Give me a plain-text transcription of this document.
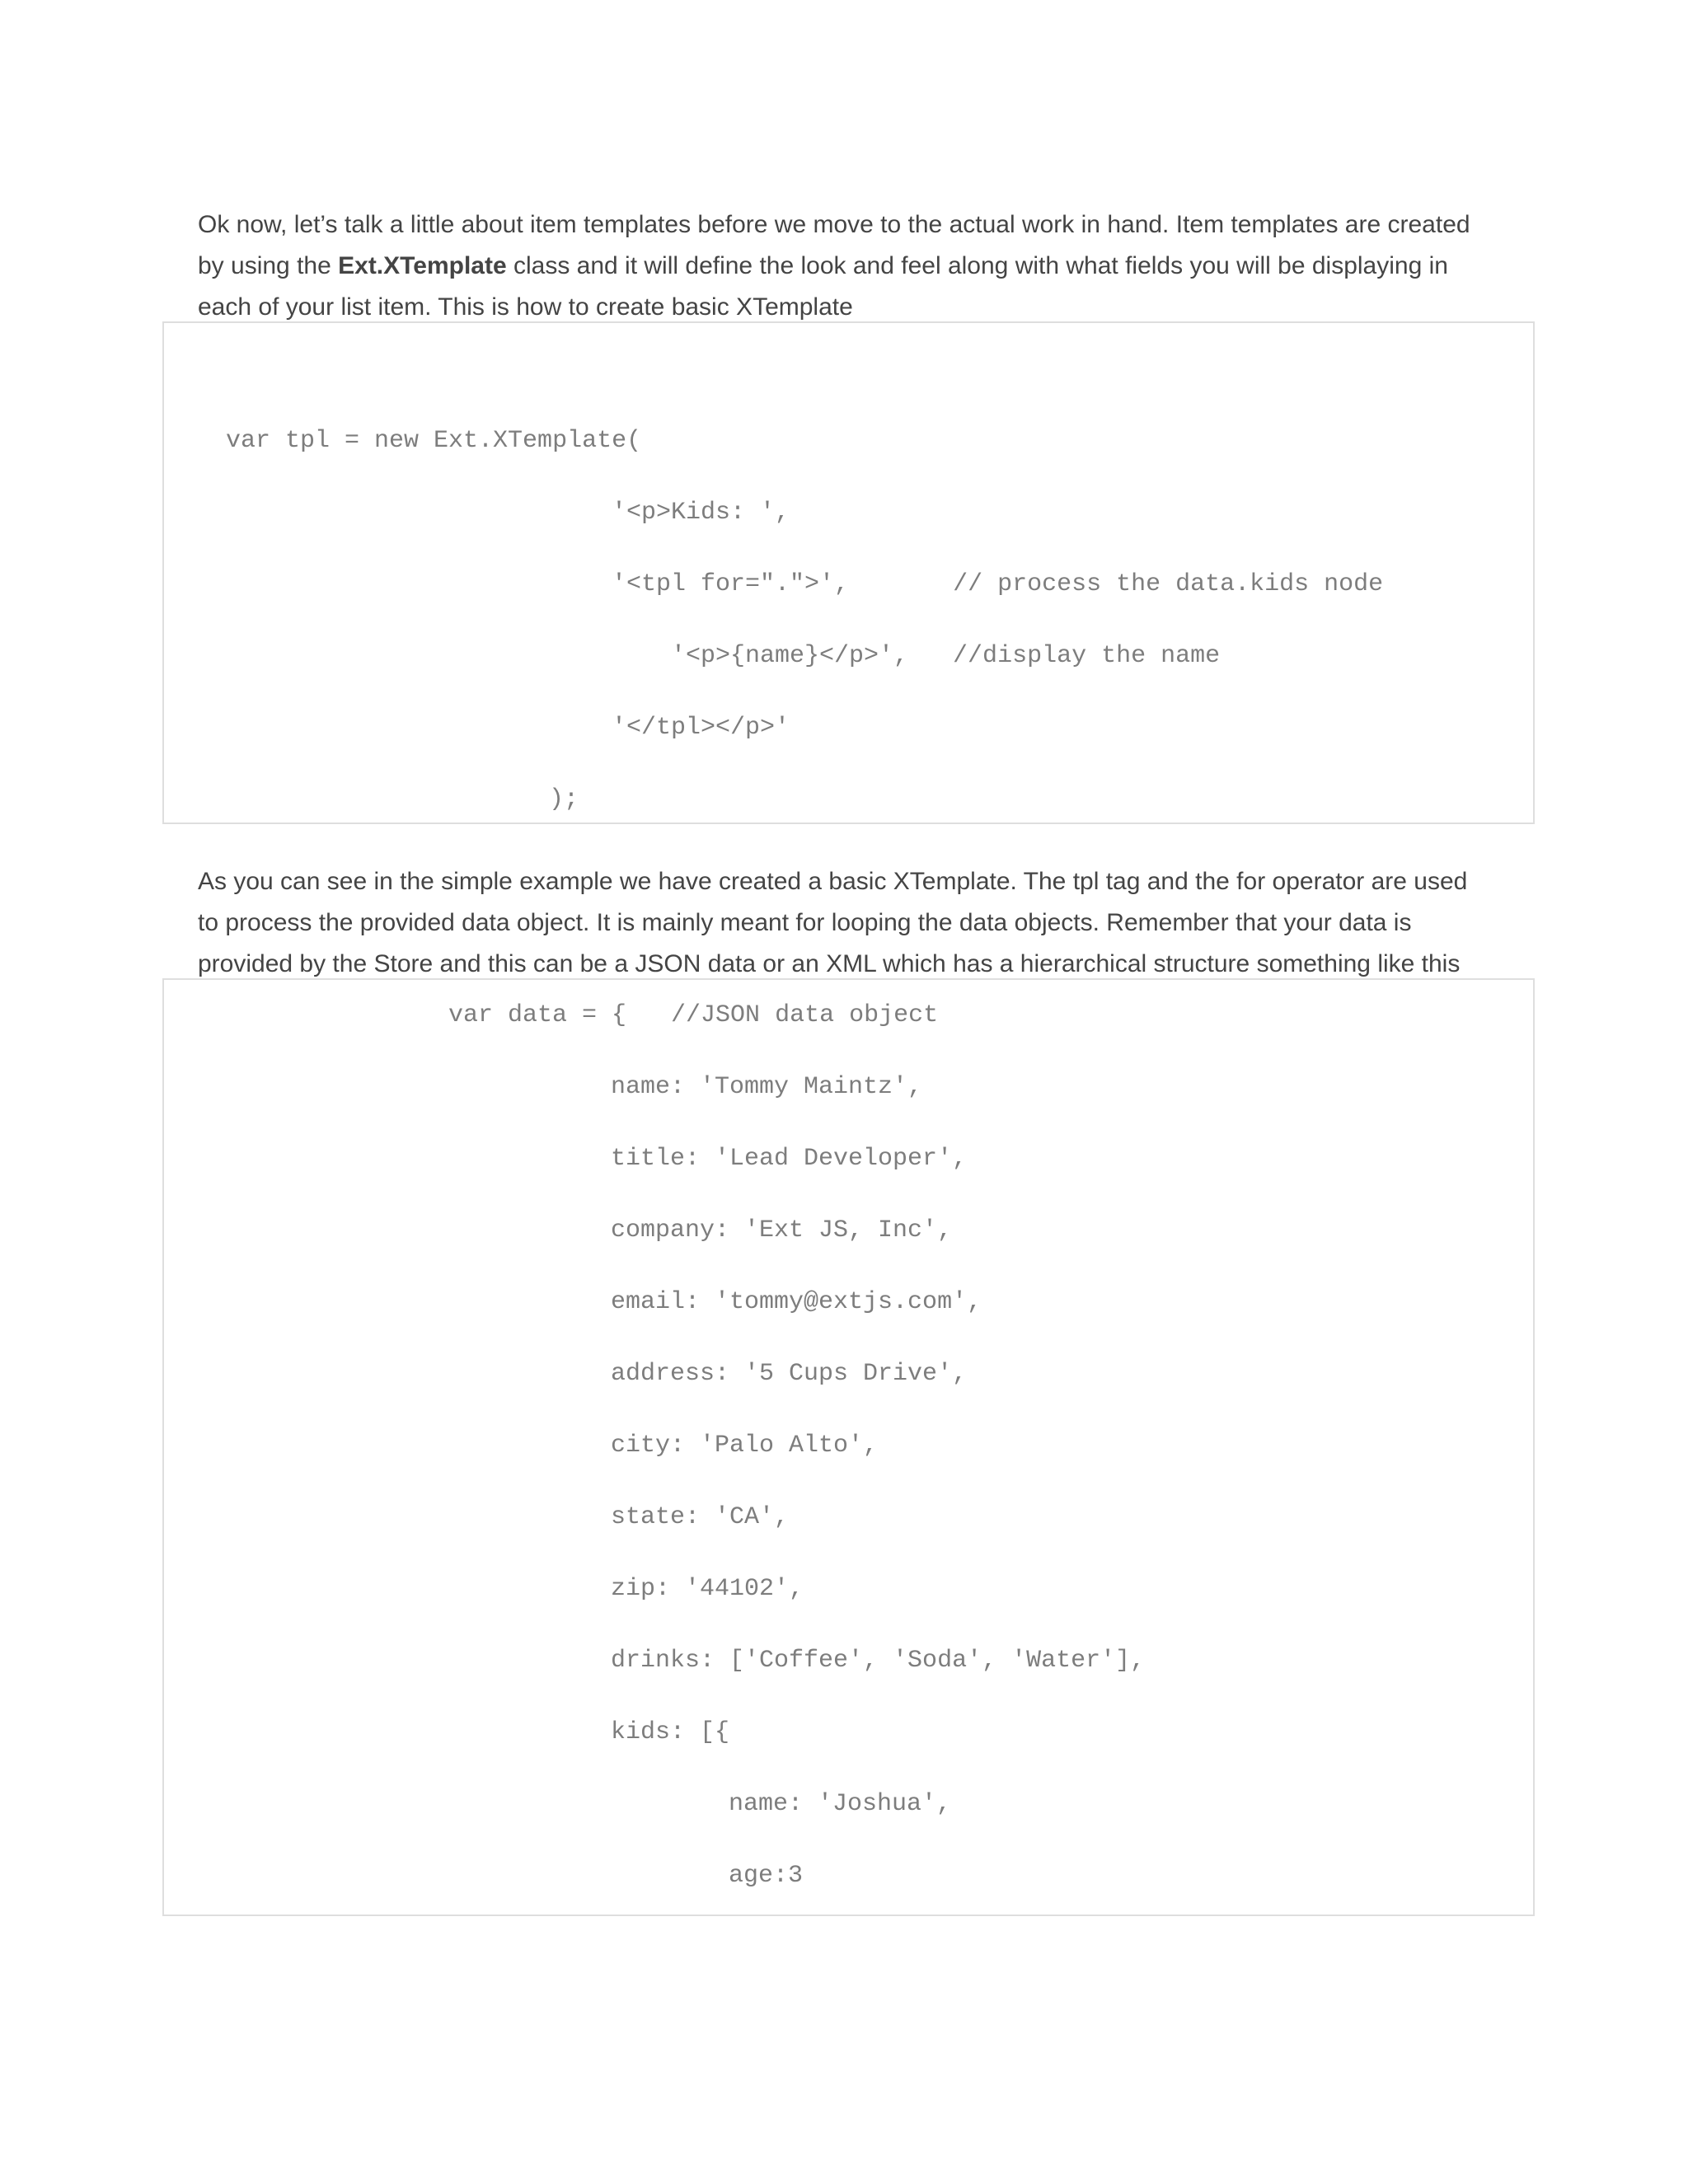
Ok now, let’s talk a little about item templates before we move to the actual work in hand. Item templates are created

by using the Ext.XTemplate class and it will define the look and feel along with what fields you will be displaying in

each of your list item. This is how to create basic XTemplate

var tpl = new Ext.XTemplate(
'<p>Kids: ',
'<tpl for=".">',       // process the data.kids node
'<p>{name}</p>',   //display the name
'</tpl></p>'
);

As you can see in the simple example we have created a basic XTemplate. The tpl tag and the for operator are used

to process the provided data object. It is mainly meant for looping the data objects. Remember that your data is

provided by the Store and this can be a JSON data or an XML which has a hierarchical structure something like this

var data = {   //JSON data object
name: 'Tommy Maintz',
title: 'Lead Developer',
company: 'Ext JS, Inc',
email: 'tommy@extjs.com',
address: '5 Cups Drive',
city: 'Palo Alto',
state: 'CA',
zip: '44102',
drinks: ['Coffee', 'Soda', 'Water'],
kids: [{
name: 'Joshua',
age:3
